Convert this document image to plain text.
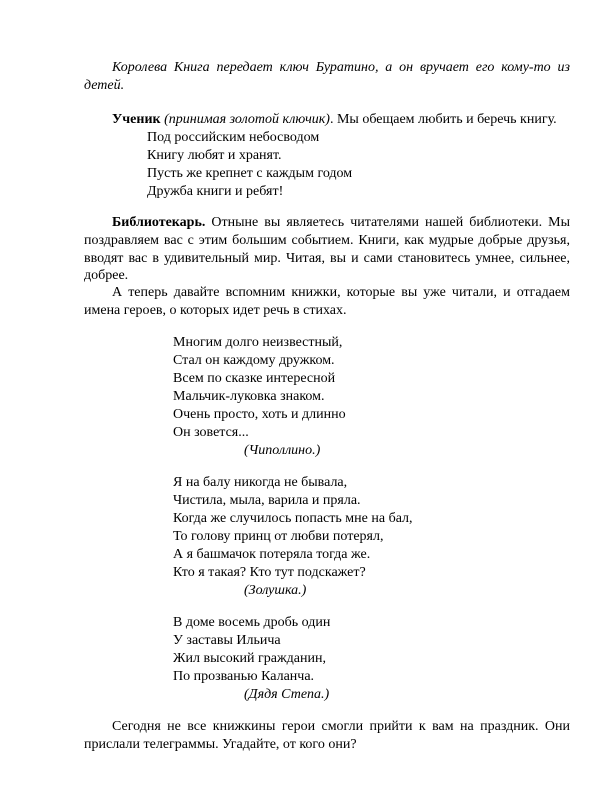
Королева Книга передает ключ Буратино, а он вручает его кому-то из
детей.
Ученик (принимая золотой ключик). Мы обещаем любить и беречь книгу.
Под российским небосводом
Книгу любят и хранят.
Пусть же крепнет с каждым годом
Дружба книги и ребят!
Библиотекарь. Отныне вы являетесь читателями нашей библиотеки. Мы
поздравляем вас с этим большим событием. Книги, как мудрые добрые друзья,
вводят вас в удивительный мир. Читая, вы и сами становитесь умнее, сильнее,
добрее.
А теперь давайте вспомним книжки, которые вы уже читали, и отгадаем
имена героев, о которых идет речь в стихах.
Многим долго неизвестный,
Стал он каждому дружком.
Всем по сказке интересной
Мальчик-луковка знаком.
Очень просто, хоть и длинно
Он зовется...
(Чиполлино.)
Я на балу никогда не бывала,
Чистила, мыла, варила и пряла.
Когда же случилось попасть мне на бал,
То голову принц от любви потерял,
А я башмачок потеряла тогда же.
Кто я такая? Кто тут подскажет?
(Золушка.)
В доме восемь дробь один
У заставы Ильича
Жил высокий гражданин,
По прозванью Каланча.
(Дядя Степа.)
Сегодня не все книжкины герои смогли прийти к вам на праздник. Они
прислали телеграммы. Угадайте, от кого они?
